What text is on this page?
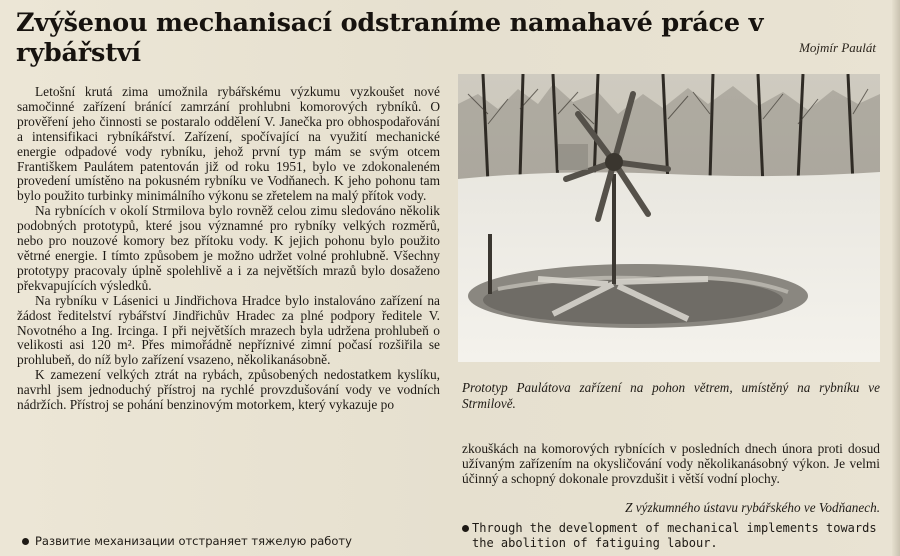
Zvýšenou mechanisací odstraníme namahavé práce v rybářství	Mojmír Paulát

Letošní krutá zima umožnila rybářskému výzkumu vyzkoušet nové samočinné zařízení bránící zamrzání prohlubni komorových rybníků. O prověření jeho činnosti se postaralo oddělení V. Janečka pro obhospodařování a intensifikaci rybníkářství. Zařízení, spočívající na využití mechanické energie odpadové vody rybníku, jehož první typ mám se svým otcem Františkem Paulátem patentován již od roku 1951, bylo ve zdokonaleném provedení umístěno na pokusném rybníku ve Vodňanech. K jeho pohonu tam bylo použito turbinky minimálního výkonu se zřetelem na malý přítok vody.

Na rybnících v okolí Strmilova bylo rovněž celou zimu sledováno několik podobných prototypů, které jsou významné pro rybníky velkých rozměrů, nebo pro nouzové komory bez přítoku vody. K jejich pohonu bylo použito větrné energie. I tímto způsobem je možno udržet volné prohlubně. Všechny prototypy pracovaly úplně spolehlivě a i za největších mrazů bylo dosaženo překvapujících výsledků.

Na rybníku v Lásenici u Jindřichova Hradce bylo instalováno zařízení na žádost ředitelství rybářství Jindřichův Hradec za plné podpory ředitele V. Novotného a Ing. Ircinga. I při největších mrazech byla udržena prohlubeň o velikosti asi 120 m². Přes mimořádně nepříznivé zimní počasí rozšiřila se prohlubeň, do níž bylo zařízení vsazeno, několikanásobně.

K zamezení velkých ztrát na rybách, způsobených nedostatkem kyslíku, navrhl jsem jednoduchý přístroj na rychlé provzdušování vody ve vodních nádržích. Přístroj se pohání benzinovým motorkem, který vykazuje po

Prototyp Paulátova zařízení na pohon větrem, umístěný na rybníku ve Strmilově.

zkouškách na komorových rybnících v posledních dnech února proti dosud užívaným zařízením na okysličování vody několikanásobný výkon. Je velmi účinný a schopný dokonale provzdušit i větší vodní plochy.

Z výzkumného ústavu rybářského ve Vodňanech.
Развитие механизации отстраняет тяжелую работу
Through the development of mechanical implements towards the abolition of fatiguing labour.
